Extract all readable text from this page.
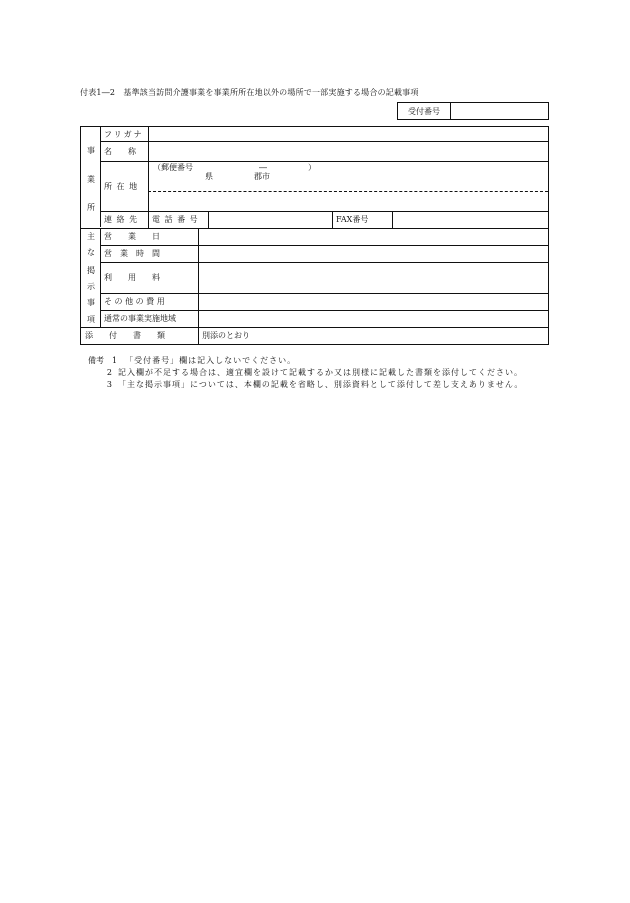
付表1―2　基準該当訪問介護事業を事業所所在地以外の場所で一部実施する場合の記載事項
受付番号
事
業
所
フリガナ
名　　称
所 在 地
（郵便番号	―	）
県	郡市
連 絡 先	電 話 番 号	FAX番号
主
な
掲
示
事
項
営　　業　　日
営　業　時　間
利　　用　　料
そ の 他 の 費 用
通常の事業実施地域
添　　付　　書　　類	別添のとおり
備考	1 「受付番号」欄は記入しないでください。
2 記入欄が不足する場合は、適宜欄を設けて記載するか又は別様に記載した書類を添付してください。
3 「主な掲示事項」については、本欄の記載を省略し、別添資料として添付して差し支えありません。
